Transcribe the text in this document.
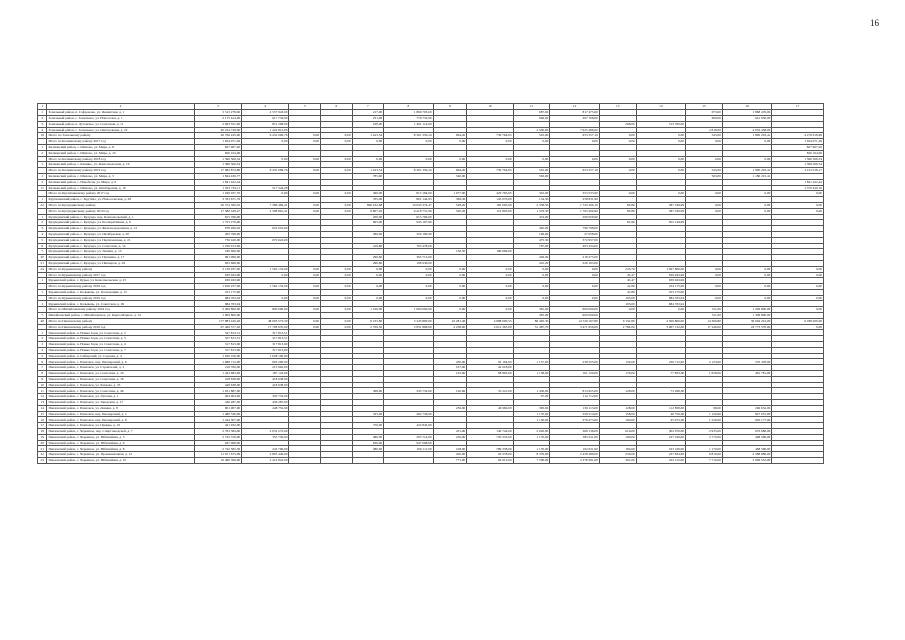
16
1	2	3	4	5	6	7	8	9	10	11	12	13	14	15	16	17
1	Зональный район, п. Сафроново, ул. Цементная, д. 1	3 313 278,00	2 537 943,00			217,00	1 866 793,00			687,00	817 475,00			673,00	1 868 476,00	
2	Зональный район, с. Зональное, ул. Новоселов, д. 1	2 175 614,00	617 734,00			251,00	776 732,00			666,00	397 708,00			600,00	641 936,00	
3	Зональный район, п. Луговское, ул. Советская, д. 11	2 093 551,00	851 208,00			190,00	1 491 114,00					208,00	513 760,00			
4	Зональный район, с. Зональное, ул. Центральная, д. 22	20 224 728,00	1 424 812,00							2 500,00	7 925 486,00			2 816,00	4 032 458,00	
19	Итого по Зональному району	26 766 245,00	6 432 099,76	0,00	0,00	1 423,54	8 361 350,24	964,20	739 764,63	545,00	653 557,10	0,00	0,00	545,00	1 990 203,41	4 276 918,99
	Итого по Калманскому району 2017 год	1 654 071,26	0,00	0,00	0,00	0,00	0,00	0,00	0,00	0,00	0,00	0,00	0,00	0,00	0,00	1 654 071,26
1	Калманский район, с. Шилово, ул. Мира, д. 8	827 907,20														827 907,20
2	Калманский район, с. Шилово, ул. Мира, д. 10	826 164,06														826 164,06
	Итого по Калманскому району 2018 год	1 396 506,54	0,00	0,00	0,00	0,00	0,00	0,00	0,00	0,00	0,00	0,00	0,00	0,00	0,00	1 396 506,54
1	Калманский район, с. Кашино, ул. Комсомольская, д. 19	1 396 506,54														1 396 506,54
	Итого по Калманскому району 2019 год	17 982 874,86	6 432 099,76	0,00	0,00	1 423,54	8 361 350,24	964,20	739 764,63	545,00	653 557,10	0,00	0,00	545,00	1 990 203,41	3 212 018,17
1	Калманский район, с. Шилово, ул. Мира, д. 3	1 844 436,77				785,00		340,00		563,00				563,00	1 180 201,41	
2	Калманский район, с. Новобочи, ул. Мира, д. 6	1 841 422,44														1 841 422,44
11	Калманский район, с. Шилово, ул. Октябрьская, д. 10	1 933 732,11	517 544,28													1 370 420,19
	Итого по Крутихинскому району 2017 год	1 049 937,70	0,00	0,00	0,00	360,00	813 184,00	1 077,00	429 765,95	345,00	353 533,90	0,00	0,00	0,00	0,00	0,00
1	Крутихинский район, с. Крутиха, ул. Новосельская, д. 28	3 333 671,79				765,00	801 144,93	369,36	143 070,00	154,30	258 831,90					
22	Итого по Кулундинскому району	26 574 300,02	7 386 484,41	0,00	0,00	866 432,68	16 643 374,47	528,20	182 095,00	2 358,50	1 743 260,10	83,80	587 169,99	0,00	0,00	0,00
	Итого по Кулундинскому району 2019 год	17 580 529,47	2 398 891,41	0,00	0,00	6 807,20	9 418 731,96	320,26	110 893,00	1 379,30	1 763 260,90	83,80	587 169,99	0,00	0,00	0,00
1	Кулундинский район, с. Кулунда, пер. Комсомольский, д. 1	815 766,00				200,00	615 766,00			474,00	290 659,90					
2	Кулундинский район, с. Кулунда, ул. Кооперативная, д. 6	1 753 276,90				695,00	943 167,90					81,80	652 149,99			
3	Кулундинский район, с. Кулунда, ул. Железнодорожная, д. 12	978 206,02	652 019,00							465,00	796 798,00					
4	Кулундинский район, с. Кулунда, ул. Октябрьская, д. 50	263 798,00				360,00	329 190,00			106,00	27 058,00					
5	Кулундинский район, с. Кулунда, ул. Партизанская, д. 21	730 420,00	672 622,00							475,30	372 957,00					
6	Кулундинский район, с. Кулунда, ул. Советская, д. 14	1 256 913,00				416,80	763 478,00			767,00	493 434,00					
7	Кулундинский район, с. Кулунда, ул. Ленина, д. 15	189 669,00						130,50	189 669,00							
20	Кулундинский район, с. Кулунда, ул. Пушкина, д. 17	991 996,00				290,60	365 713,00			456,00	218 275,00					
21	Кулундинский район, с. Кулунда, ул. Пионеров, д. 29	823 669,00				290,60	196 936,00			410,20	226 163,00					
24	Итого по Курьинскому району	3 139 937,00	1 562 132,00	0,00	0,00	0,00	0,00	0,00	0,00	0,00	0,00	245,70	1 097 806,00	0,00	0,00	0,00
	Итого по Курьинскому району 2017 год	639 943,96	0,00	0,00	0,00	0,00	0,00	0,00	0,00	0,00	0,00	45,47	639 943,96	0,00	0,00	0,00
1	Курьинский район, с. Курья, ул. Комсомольская, д. 23	639 943,96										45,47	639 943,96			
	Итого по Курьинскому району 2018 год	1 816 257,00	1 562 132,00	0,00	0,00	0,00	0,00	0,00	0,00	0,00	0,00	41,80	254 175,00	0,00	0,00	0,00
1	Курьинский район, с. Колывань, ул. Кооперации, д. 15	253 175,00										41,80	253 175,00			
	Итого по Курьинскому району 2019 год	684 763,04	0,00	0,00	0,00	0,00	0,00	0,00	0,00	0,00	0,00	103,00	684 763,04	0,00	0,00	0,00
1	Курьинский район, с. Колывань, ул. Советская, д. 49	684 763,04										103,00	684 763,04			
	Итого по Михайловскому району 2019 год	2 400 800,00	800 000,00	0,00	0,00	1 160,00	1 600 000,00	0,00	0,00	381,00	600 000,00	0,00	0,00	311,00	1 209 800,00	0,00
7	Михайловский район, с. Михайловское, ул. Карла Маркса, д. 14	1 909 800,00								381,00	600 000,00			311,00	1 309 800,00	
40	Итого по Павловскому району	177 883 420,26	48 093 573,30	0,00	0,00	6 235,80	3 245 800,00	22 281,46	4 688 000,55	86 495,30	14 729 167,80	9 152,80	4 509 800,00	14 306,80	39 649 201,00	9 188 200,00
	Итого по Павловскому району 2018 год	67 469 377,02	17 708 670,00	0,00	0,00	2 769,50	3 831 868,00	4 238,00	2 612 365,00	31 487,70	3 471 659,00	2 784,00	3 967 132,00	17 246,00	22 773 570,00	0,00
1	Павловский район, п. Новые Зори, ул. Советская, д. 2	347 813,51	317 813,51													
2	Павловский район, п. Новые Зори, ул. Советская, д. 3	327 813,51	317 813,51													
3	Павловский район, п. Новые Зори, ул. Советская, д. 4	317 813,00	317 813,00													
4	Павловский район, п. Новые Зори, ул. Советская, д. 7	317 813,00	317 813,00													
5	Павловский район, п. Сибирский, ул. Садовая, д. 4	1 029 100,00	1 028 100,00													
6	Павловский район, с. Павловск, пер. Пионерский, д. 6	1 988 712,00	603 200,00					430,00	92 194,00	1 157,00	238 525,00	132,00	239 712,00	2 123,00	570 478,00	
7	Павловский район, с. Павловск, ул. Строителей, д. 3	216 700,00	215 962,00					107,00	42 018,00							
8	Павловский район, с. Павловск, ул. Советская, д. 16	1 443 683,00	187 124,00					145,00	98 893,00	1 158,00	161 120,00	176,00	77 853,00	1 658,00	481 781,00	
9	Павловский район, с. Павловск, ул. Советская, д. 18	418 638,00	418 638,00													
10	Павловский район, с. Павловск, ул. Чапаева, д. 33	428 638,00	418 638,00													
11	Павловский район, с. Павловск, ул. Советская, д. 46	1 031 887,00				368,00	345 732,00	120,00	35 221,00	1 430,00	813 625,00	128,00	73 268,00			
12	Павловский район, с. Павловск, ул. Луговая, д. 1	494 904,00	345 732,00							97,00	114 712,00					
13	Павловский район, с. Павловск, ул. Заводская, д. 17	436 287,00	436 287,00													
14	Павловский район, с. Павловск, ул. Ленина, д. 8	901 907,00	248 752,00					236,00	46 960,00	395,00	136 113,00	128,00	112 858,00	98,00	266 652,00	
15	Павловский район, с. Павловск, пер. Пионерский, д. 2	1 480 330,00				335,00	462 736,00			1 170,00	526 514,00	158,00	46 756,00	1 120,00	827 972,00	
16	Павловский район, с. Павловск, пер. Пионерский, д. 8	1 244 307,00								1 150,00	376 273,00	160,00	45 973,00	1 220,00	920 177,00	
17	Павловский район, с. Павловск, ул. Правды, д. 16	441 932,00				370,00	443 845,00									
18	Павловский район, с. Черемное, пер. Спиртзаводской, д. 7	2 763 384,00	2 032 272,00					431,00	140 744,00	2 020,00	368 136,00	616,00	302 976,00	2 935,00	676 686,00	
19	Павловский район, с. Черемное, ул. Юбилейная, д. 5	2 743 376,00	353 750,00			480,00	295 714,00	250,00	750 233,00	1 170,00	385 611,00	190,00	197 166,00	2 770,00	468 596,00	
20	Павловский район, с. Черемное, ул. Юбилейная, д. 6	947 068,00				630,00	947 068,00									
21	Павловский район, с. Черемное, ул. Юбилейная, д. 8	2 742 582,36	243 706,00			480,00	106 111,00	108,00	789 338,00	1 170,00	192 631,00	184,00	193 166,00	1 170,00	468 596,00	
22	Павловский район, с. Черемное, ул. Промышленная, д. 12	11 971 675,99	2 803 446,00					420,00	26 578,00	8 379,00	2 458 289,00	230,00	237 834,00	9 810,00	4 588 686,00	
23	Павловский район, с. Черемное, ул. Юбилейная, д. 10	10 480 399,00	2 414 822,00					771,00	92 613,00	7 700,00	2 378 281,00	391,00	222 152,00	7 710,00	3 099 532,00	
